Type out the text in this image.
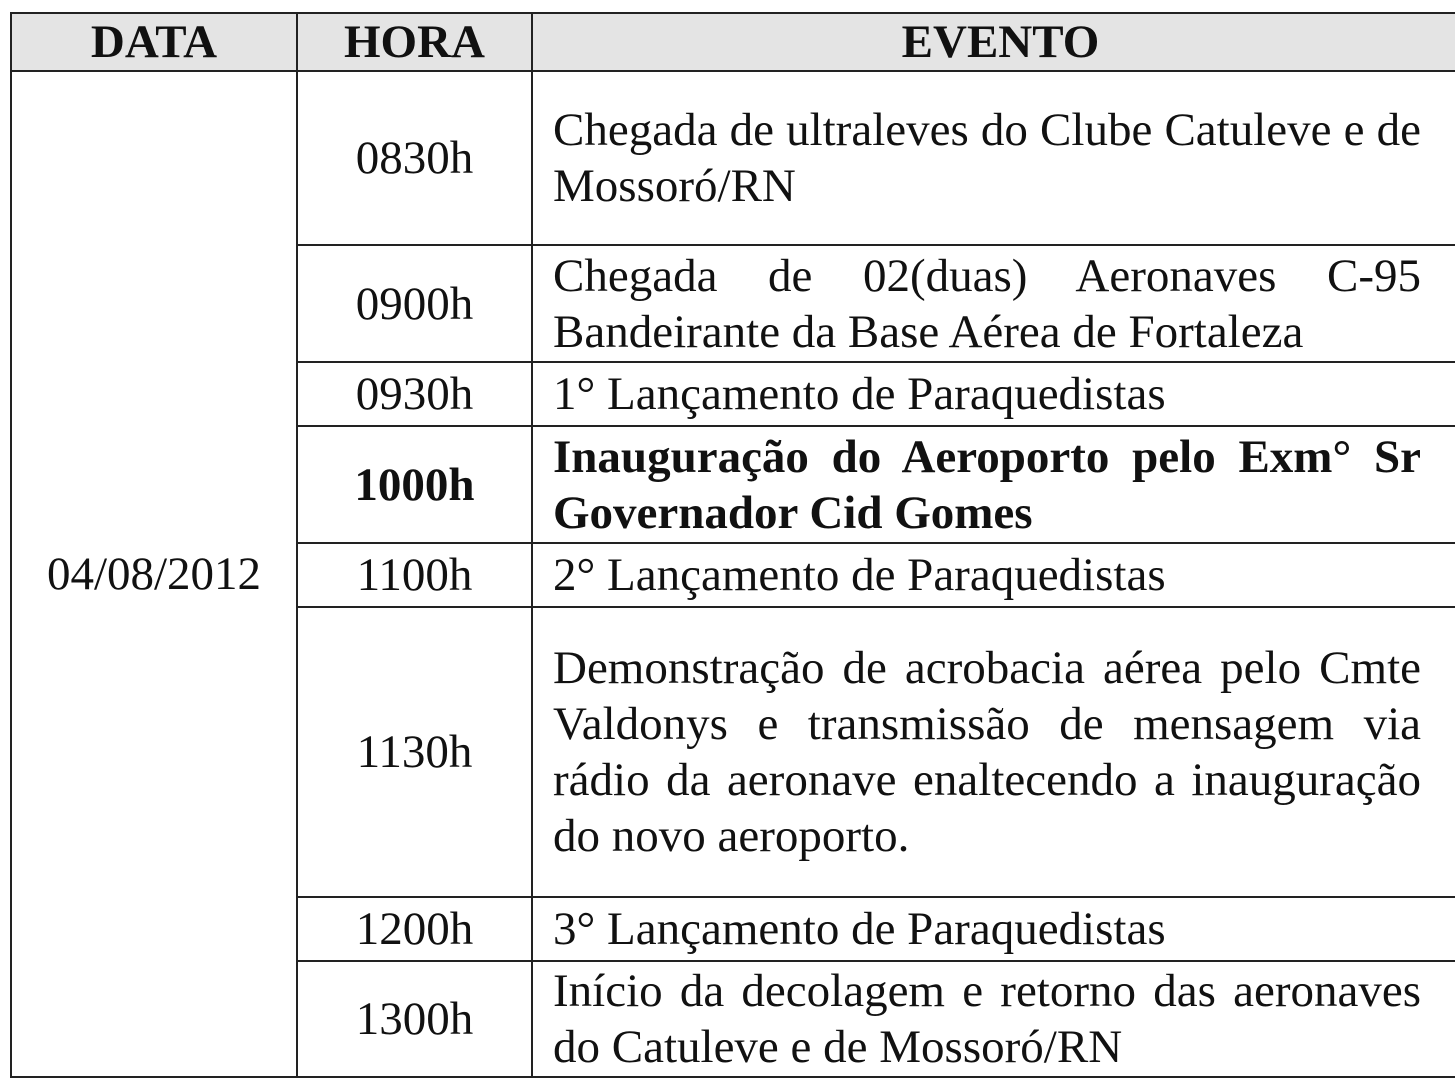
DATA	HORA	EVENTO
04/08/2012	0830h	Chegada de ultraleves do Clube Catuleve e de Mossoró/RN

	0900h	Chegada de 02(duas) Aeronaves C-95 Bandeirante da Base Aérea de Fortaleza

	0930h	1° Lançamento de Paraquedistas

	1000h	Inauguração do Aeroporto pelo Exm° Sr Governador Cid Gomes

	1100h	2° Lançamento de Paraquedistas

	1130h	Demonstração de acrobacia aérea pelo Cmte Valdonys e transmissão de mensagem via rádio da aeronave enaltecendo a inauguração do novo aeroporto.

	1200h	3° Lançamento de Paraquedistas

	1300h	Início da decolagem e retorno das aeronaves do Catuleve e de Mossoró/RN
